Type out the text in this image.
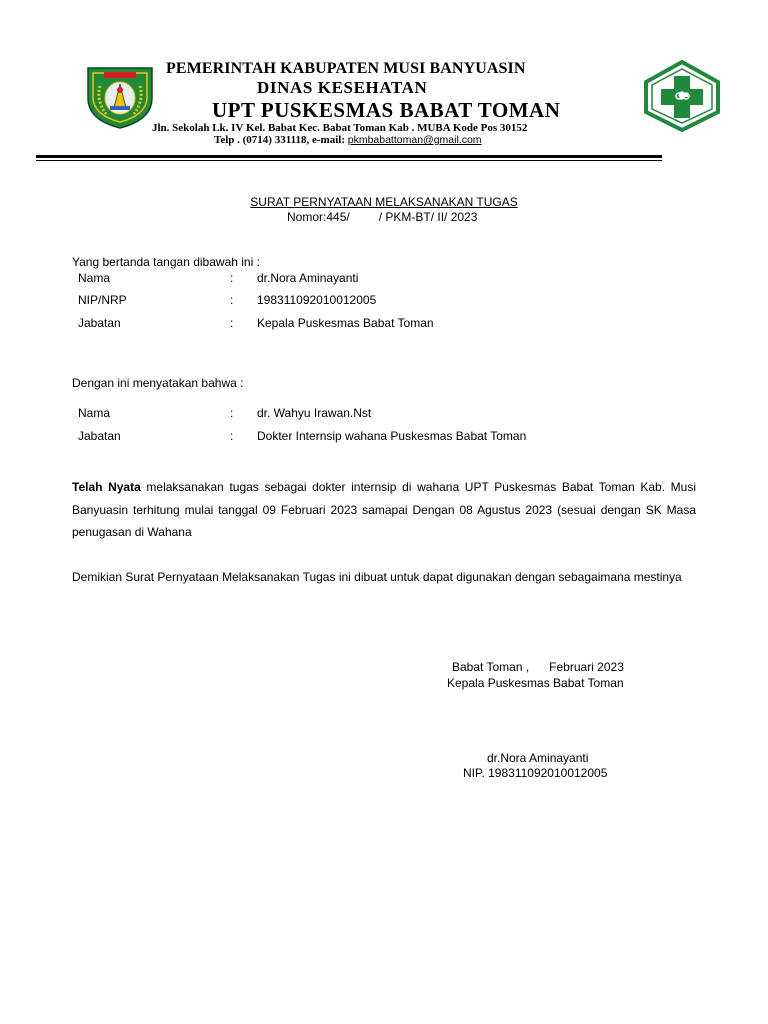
PEMERINTAH KABUPATEN MUSI BANYUASIN
DINAS KESEHATAN
UPT PUSKESMAS BABAT TOMAN
Jln. Sekolah Lk. IV Kel. Babat Kec. Babat Toman Kab . MUBA Kode Pos 30152
Telp . (0714) 331118, e-mail: pkmbabattoman@gmail.com
SURAT PERNYATAAN MELAKSANAKAN TUGAS
Nomor:445/ / PKM-BT/ II/ 2023
Yang bertanda tangan dibawah ini :
Nama	: dr.Nora Aminayanti
NIP/NRP	: 198311092010012005
Jabatan	: Kepala Puskesmas Babat Toman
Dengan ini menyatakan bahwa :
Nama	: dr. Wahyu Irawan.Nst
Jabatan	: Dokter Internsip wahana Puskesmas Babat Toman
Telah Nyata melaksanakan tugas sebagai dokter internsip di wahana UPT Puskesmas Babat Toman Kab. Musi Banyuasin terhitung mulai tanggal 09 Februari 2023 samapai Dengan 08 Agustus 2023 (sesuai dengan SK Masa penugasan di Wahana
Demikian Surat Pernyataan Melaksanakan Tugas ini dibuat untuk dapat digunakan dengan sebagaimana mestinya
Babat Toman ,      Februari 2023
Kepala Puskesmas Babat Toman
dr.Nora Aminayanti
NIP. 198311092010012005
